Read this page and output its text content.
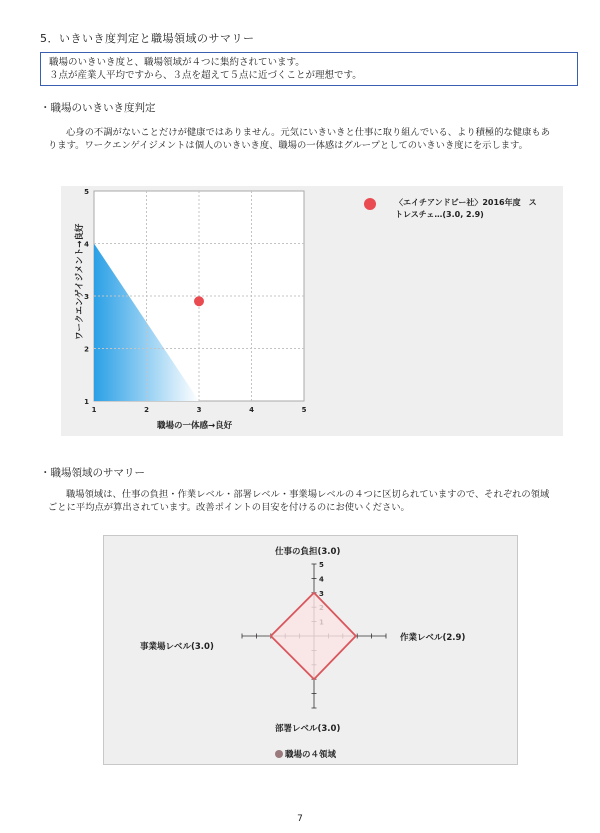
5．いきいき度判定と職場領域のサマリー
職場のいきいき度と、職場領域が４つに集約されています。
３点が産業人平均ですから、３点を超えて５点に近づくことが理想です。
・職場のいきいき度判定
心身の不調がないことだけが健康ではありません。元気にいきいきと仕事に取り組んでいる、より積極的な健康もあ
ります。ワークエンゲイジメントは個人のいきいき度、職場の一体感はグループとしてのいきいき度にを示します。
1	2	3	4	5
1
2
3
4
5
ワークエンゲイジメント→良好
職場の一体感→良好
〈エイチアンドビー社〉2016年度　ス
トレスチェ…(3.0, 2.9)
・職場領域のサマリー
職場領域は、仕事の負担・作業レベル・部署レベル・事業場レベルの４つに区切られていますので、それぞれの領域
ごとに平均点が算出されています。改善ポイントの目安を付けるのにお使いください。
3
4
5
仕事の負担(3.0)
作業レベル(2.9)
部署レベル(3.0)
事業場レベル(3.0)
職場の４領域
7
